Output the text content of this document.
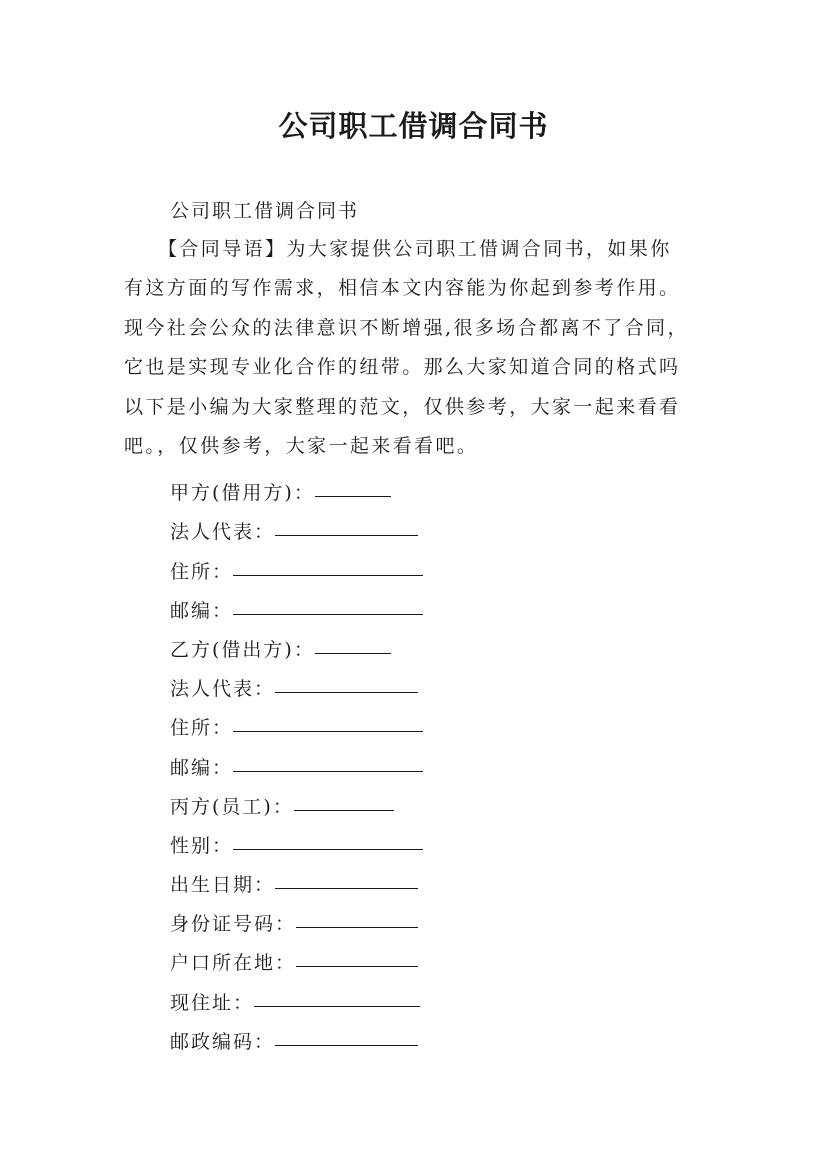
公司职工借调合同书

公司职工借调合同书

【合同导语】为大家提供公司职工借调合同书，如果你
有这方面的写作需求，相信本文内容能为你起到参考作用。
现今社会公众的法律意识不断增强,很多场合都离不了合同，
它也是实现专业化合作的纽带。那么大家知道合同的格式吗
以下是小编为大家整理的范文，仅供参考，大家一起来看看
吧。，仅供参考，大家一起来看看吧。

甲方(借用方)：
法人代表：
住所：
邮编：
乙方(借出方)：
法人代表：
住所：
邮编：
丙方(员工)：
性别：
出生日期：
身份证号码：
户口所在地：
现住址：
邮政编码：
